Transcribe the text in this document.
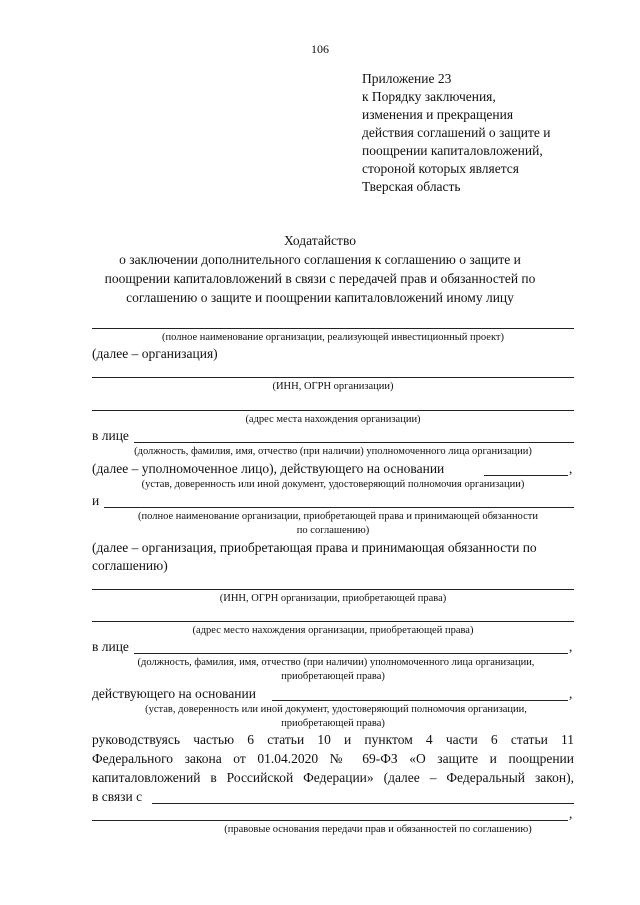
106
Приложение 23
к Порядку заключения,
изменения и прекращения
действия соглашений о защите и
поощрении капиталовложений,
стороной которых является
Тверская область
Ходатайство
о заключении дополнительного соглашения к соглашению о защите и
поощрении капиталовложений в связи с передачей прав и обязанностей по
соглашению о защите и поощрении капиталовложений иному лицу
(полное наименование организации, реализующей инвестиционный проект)
(далее – организация)
(ИНН, ОГРН организации)
(адрес места нахождения организации)
в лице
(должность, фамилия, имя, отчество (при наличии) уполномоченного лица организации)
(далее – уполномоченное лицо), действующего на основании	,
(устав, доверенность или иной документ, удостоверяющий полномочия организации)
и
(полное наименование организации, приобретающей права и принимающей обязанности
по соглашению)
(далее – организация, приобретающая права и принимающая обязанности по
соглашению)
(ИНН, ОГРН организации, приобретающей права)
(адрес место нахождения организации, приобретающей права)
в лице	,
(должность, фамилия, имя, отчество (при наличии) уполномоченного лица организации,
приобретающей права)
действующего на основании	,
(устав, доверенность или иной документ, удостоверяющий полномочия организации,
приобретающей права)
руководствуясь частью 6 статьи 10 и пунктом 4 части 6 статьи 11
Федерального закона от 01.04.2020 № 69-ФЗ «О защите и поощрении
капиталовложений в Российской Федерации» (далее – Федеральный закон),
в связи с
,
(правовые основания передачи прав и обязанностей по соглашению)
